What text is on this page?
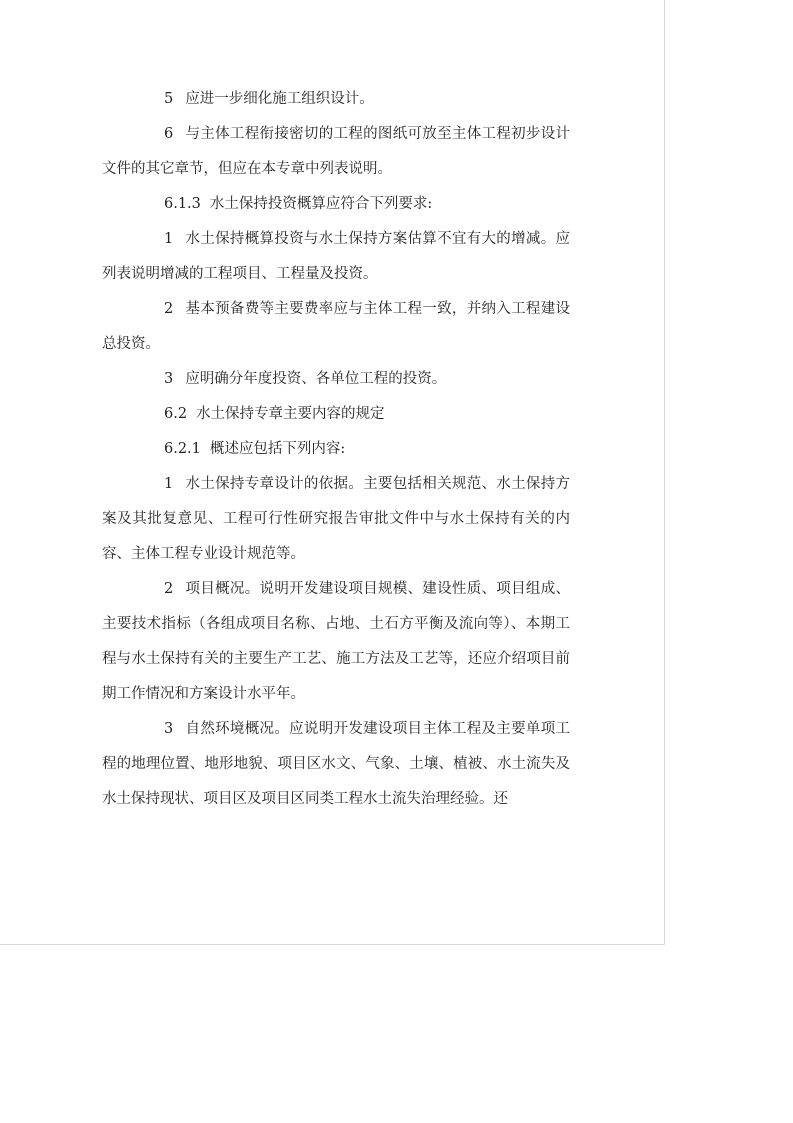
5 应进一步细化施工组织设计。

6 与主体工程衔接密切的工程的图纸可放至主体工程初步设计文件的其它章节，但应在本专章中列表说明。

6.1.3 水土保持投资概算应符合下列要求:

1 水土保持概算投资与水土保持方案估算不宜有大的增减。应列表说明增减的工程项目、工程量及投资。

2 基本预备费等主要费率应与主体工程一致，并纳入工程建设总投资。

3 应明确分年度投资、各单位工程的投资。

6.2 水土保持专章主要内容的规定

6.2.1 概述应包括下列内容:

1 水土保持专章设计的依据。主要包括相关规范、水土保持方案及其批复意见、工程可行性研究报告审批文件中与水土保持有关的内容、主体工程专业设计规范等。

2 项目概况。说明开发建设项目规模、建设性质、项目组成、主要技术指标（各组成项目名称、占地、土石方平衡及流向等）、本期工程与水土保持有关的主要生产工艺、施工方法及工艺等，还应介绍项目前期工作情况和方案设计水平年。

3 自然环境概况。应说明开发建设项目主体工程及主要单项工程的地理位置、地形地貌、项目区水文、气象、土壤、植被、水土流失及水土保持现状、项目区及项目区同类工程水土流失治理经验。还
